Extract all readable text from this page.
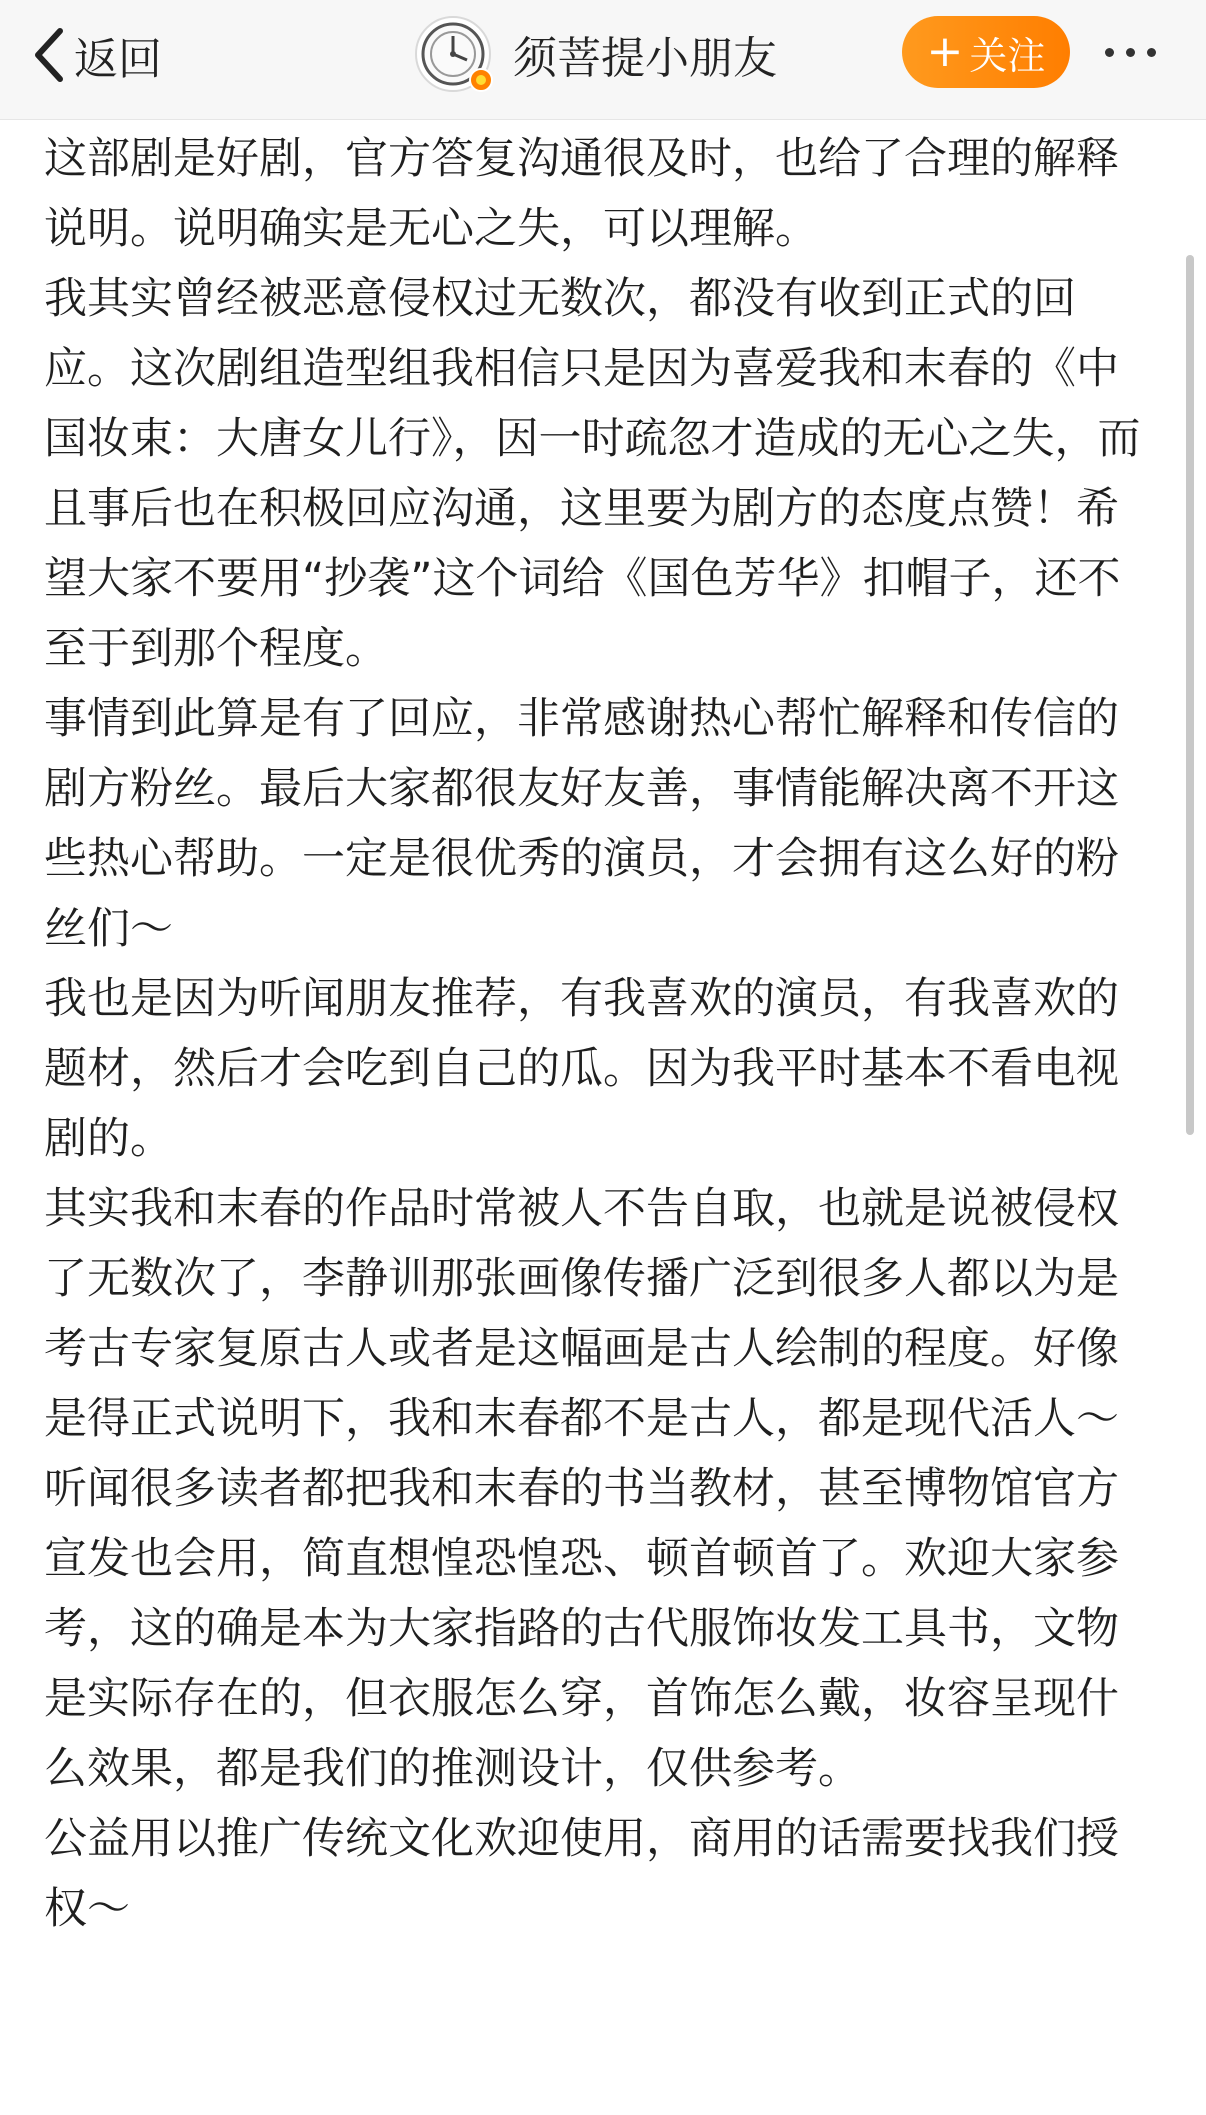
返回	须菩提小朋友	+ 关注

这部剧是好剧，官方答复沟通很及时，也给了合理的解释说明。说明确实是无心之失，可以理解。

我其实曾经被恶意侵权过无数次，都没有收到正式的回应。这次剧组造型组我相信只是因为喜爱我和末春的《中国妆束：大唐女儿行》，因一时疏忽才造成的无心之失，而且事后也在积极回应沟通，这里要为剧方的态度点赞！希望大家不要用“抄袭”这个词给《国色芳华》扣帽子，还不至于到那个程度。

事情到此算是有了回应，非常感谢热心帮忙解释和传信的剧方粉丝。最后大家都很友好友善，事情能解决离不开这些热心帮助。一定是很优秀的演员，才会拥有这么好的粉丝们～

我也是因为听闻朋友推荐，有我喜欢的演员，有我喜欢的题材，然后才会吃到自己的瓜。因为我平时基本不看电视剧的。

其实我和末春的作品时常被人不告自取，也就是说被侵权了无数次了，李静训那张画像传播广泛到很多人都以为是考古专家复原古人或者是这幅画是古人绘制的程度。好像是得正式说明下，我和末春都不是古人，都是现代活人～

听闻很多读者都把我和末春的书当教材，甚至博物馆官方宣发也会用，简直想惶恐惶恐、顿首顿首了。欢迎大家参考，这的确是本为大家指路的古代服饰妆发工具书，文物是实际存在的，但衣服怎么穿，首饰怎么戴，妆容呈现什么效果，都是我们的推测设计，仅供参考。

公益用以推广传统文化欢迎使用，商用的话需要找我们授权～
